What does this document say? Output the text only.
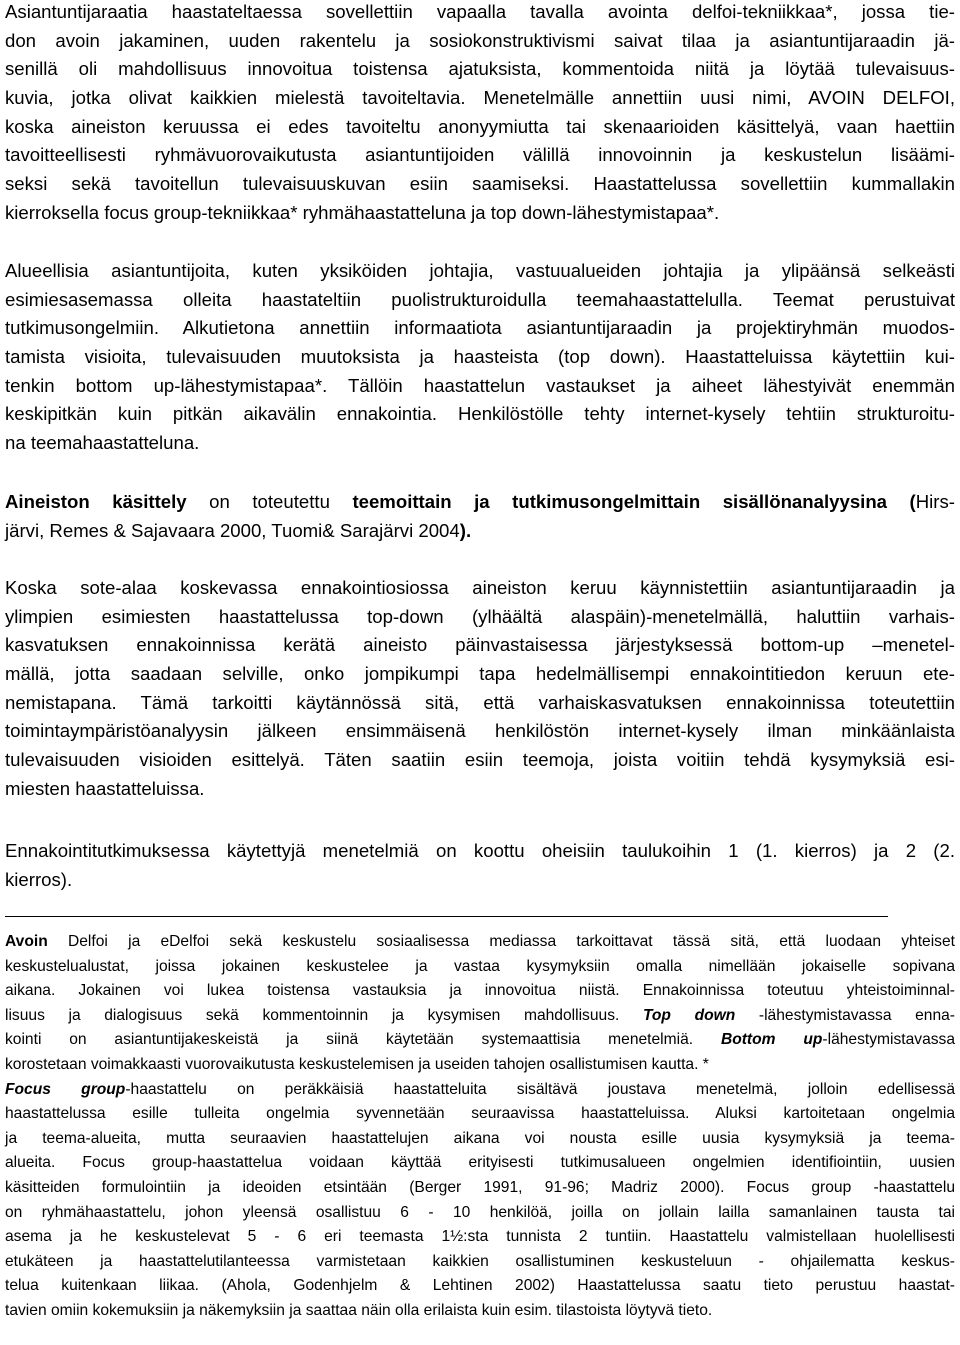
Asiantuntijaraatia haastateltaessa sovellettiin vapaalla tavalla avointa delfoi-tekniikkaa*, jossa tie-
don avoin jakaminen, uuden rakentelu ja sosiokonstruktivismi saivat tilaa ja asiantuntijaraadin jä-
senillä oli mahdollisuus innovoitua toistensa ajatuksista, kommentoida niitä ja löytää tulevaisuus-
kuvia, jotka olivat kaikkien mielestä tavoiteltavia. Menetelmälle annettiin uusi nimi, AVOIN DELFOI,
koska aineiston keruussa ei edes tavoiteltu anonyymiutta tai skenaarioiden käsittelyä, vaan haettiin
tavoitteellisesti ryhmävuorovaikutusta asiantuntijoiden välillä innovoinnin ja keskustelun lisäämi-
seksi sekä tavoitellun tulevaisuuskuvan esiin saamiseksi. Haastattelussa sovellettiin kummallakin
kierroksella focus group-tekniikkaa* ryhmähaastatteluna ja top down-lähestymistapaa*.
Alueellisia asiantuntijoita, kuten yksiköiden johtajia, vastuualueiden johtajia ja ylipäänsä selkeästi
esimiesasemassa olleita haastateltiin puolistrukturoidulla teemahaastattelulla. Teemat perustuivat
tutkimusongelmiin. Alkutietona annettiin informaatiota asiantuntijaraadin ja projektiryhmän muodos-
tamista visioita, tulevaisuuden muutoksista ja haasteista (top down). Haastatteluissa käytettiin kui-
tenkin bottom up-lähestymistapaa*. Tällöin haastattelun vastaukset ja aiheet lähestyivät enemmän
keskipitkän kuin pitkän aikavälin ennakointia. Henkilöstölle tehty internet-kysely tehtiin strukturoitu-
na teemahaastatteluna.
Aineiston käsittely on toteutettu teemoittain ja tutkimusongelmittain sisällönanalyysina (Hirs-
järvi, Remes & Sajavaara 2000, Tuomi& Sarajärvi 2004).
Koska sote-alaa koskevassa ennakointiosiossa aineiston keruu käynnistettiin asiantuntijaraadin ja
ylimpien esimiesten haastattelussa top-down (ylhäältä alaspäin)-menetelmällä, haluttiin varhais-
kasvatuksen ennakoinnissa kerätä aineisto päinvastaisessa järjestyksessä bottom-up –menetel-
mällä, jotta saadaan selville, onko jompikumpi tapa hedelmällisempi ennakointitiedon keruun ete-
nemistapana. Tämä tarkoitti käytännössä sitä, että varhaiskasvatuksen ennakoinnissa toteutettiin
toimintaympäristöanalyysin jälkeen ensimmäisenä henkilöstön internet-kysely ilman minkäänlaista
tulevaisuuden visioiden esittelyä. Täten saatiin esiin teemoja, joista voitiin tehdä kysymyksiä esi-
miesten haastatteluissa.
Ennakointitutkimuksessa käytettyjä menetelmiä on koottu oheisiin taulukoihin 1 (1. kierros) ja 2 (2.
kierros).
Avoin Delfoi ja eDelfoi sekä keskustelu sosiaalisessa mediassa tarkoittavat tässä sitä, että luodaan yhteiset
keskustelualustat, joissa jokainen keskustelee ja vastaa kysymyksiin omalla nimellään jokaiselle sopivana
aikana. Jokainen voi lukea toistensa vastauksia ja innovoitua niistä. Ennakoinnissa toteutuu yhteistoiminnal-
lisuus ja dialogisuus sekä kommentoinnin ja kysymisen mahdollisuus. Top down -lähestymistavassa enna-
kointi on asiantuntijakeskeistä ja siinä käytetään systemaattisia menetelmiä. Bottom up-lähestymistavassa
korostetaan voimakkaasti vuorovaikutusta keskustelemisen ja useiden tahojen osallistumisen kautta. *
Focus group-haastattelu on peräkkäisiä haastatteluita sisältävä joustava menetelmä, jolloin edellisessä
haastattelussa esille tulleita ongelmia syvennetään seuraavissa haastatteluissa. Aluksi kartoitetaan ongelmia
ja teema-alueita, mutta seuraavien haastattelujen aikana voi nousta esille uusia kysymyksiä ja teema-
alueita. Focus group-haastattelua voidaan käyttää erityisesti tutkimusalueen ongelmien identifiointiin, uusien
käsitteiden formulointiin ja ideoiden etsintään (Berger 1991, 91-96; Madriz 2000). Focus group -haastattelu
on ryhmähaastattelu, johon yleensä osallistuu 6 - 10 henkilöä, joilla on jollain lailla samanlainen tausta tai
asema ja he keskustelevat 5 - 6 eri teemasta 1½:sta tunnista 2 tuntiin. Haastattelu valmistellaan huolellisesti
etukäteen ja haastattelutilanteessa varmistetaan kaikkien osallistuminen keskusteluun - ohjailematta keskus-
telua kuitenkaan liikaa. (Ahola, Godenhjelm & Lehtinen 2002) Haastattelussa saatu tieto perustuu haastat-
tavien omiin kokemuksiin ja näkemyksiin ja saattaa näin olla erilaista kuin esim. tilastoista löytyvä tieto.
